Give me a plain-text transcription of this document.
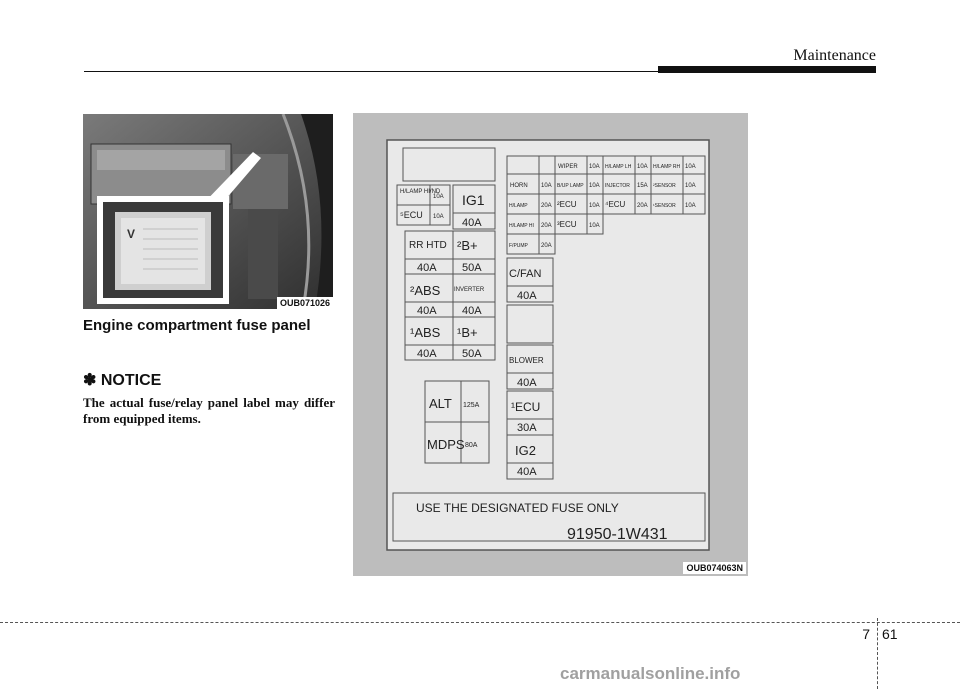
Maintenance
V
OUB071026
Engine compartment fuse panel
✽ NOTICE
The actual fuse/relay panel label may differ from equipped items.
H/LAMP HI/ND
10A
⁵ECU 10A
IG1
40A
RR HTD ²B+
40A 50A
²ABS INVERTER
40A 40A
¹ABS ¹B+
40A 50A
ALT 125A
MDPS 80A
C/FAN
40A
BLOWER
40A
¹ECU
30A
IG2
40A
WIPER 10A H/LAMP LH 10A H/LAMP RH 10A
HORN 10A B/UP LAMP 10A INJECTOR 15A ²SENSOR 10A
H/LAMP 20A ²ECU 10A ⁴ECU 20A ¹SENSOR 10A
H/LAMP HI 20A ³ECU 10A
F/PUMP 20A
USE THE DESIGNATED FUSE ONLY
91950-1W431
OUB074063N
7 61
carmanualsonline.info
